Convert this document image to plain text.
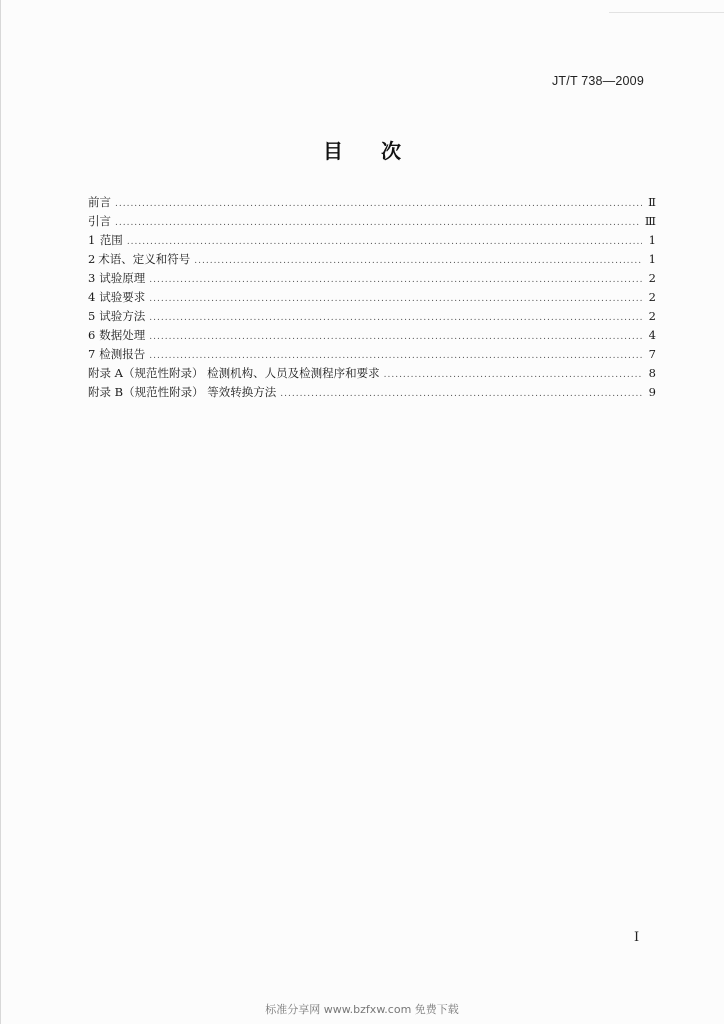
JT/T 738—2009
目 次
前言 .....	Ⅱ
引言 .....	Ⅲ
1 范围 .....	1
2 术语、定义和符号 .....	1
3 试验原理 .....	2
4 试验要求 .....	2
5 试验方法 .....	2
6 数据处理 .....	4
7 检测报告 .....	7
附录 A（规范性附录） 检测机构、人员及检测程序和要求 .....	8
附录 B（规范性附录） 等效转换方法 .....	9
Ⅰ
标准分享网 www.bzfxw.com 免费下载
